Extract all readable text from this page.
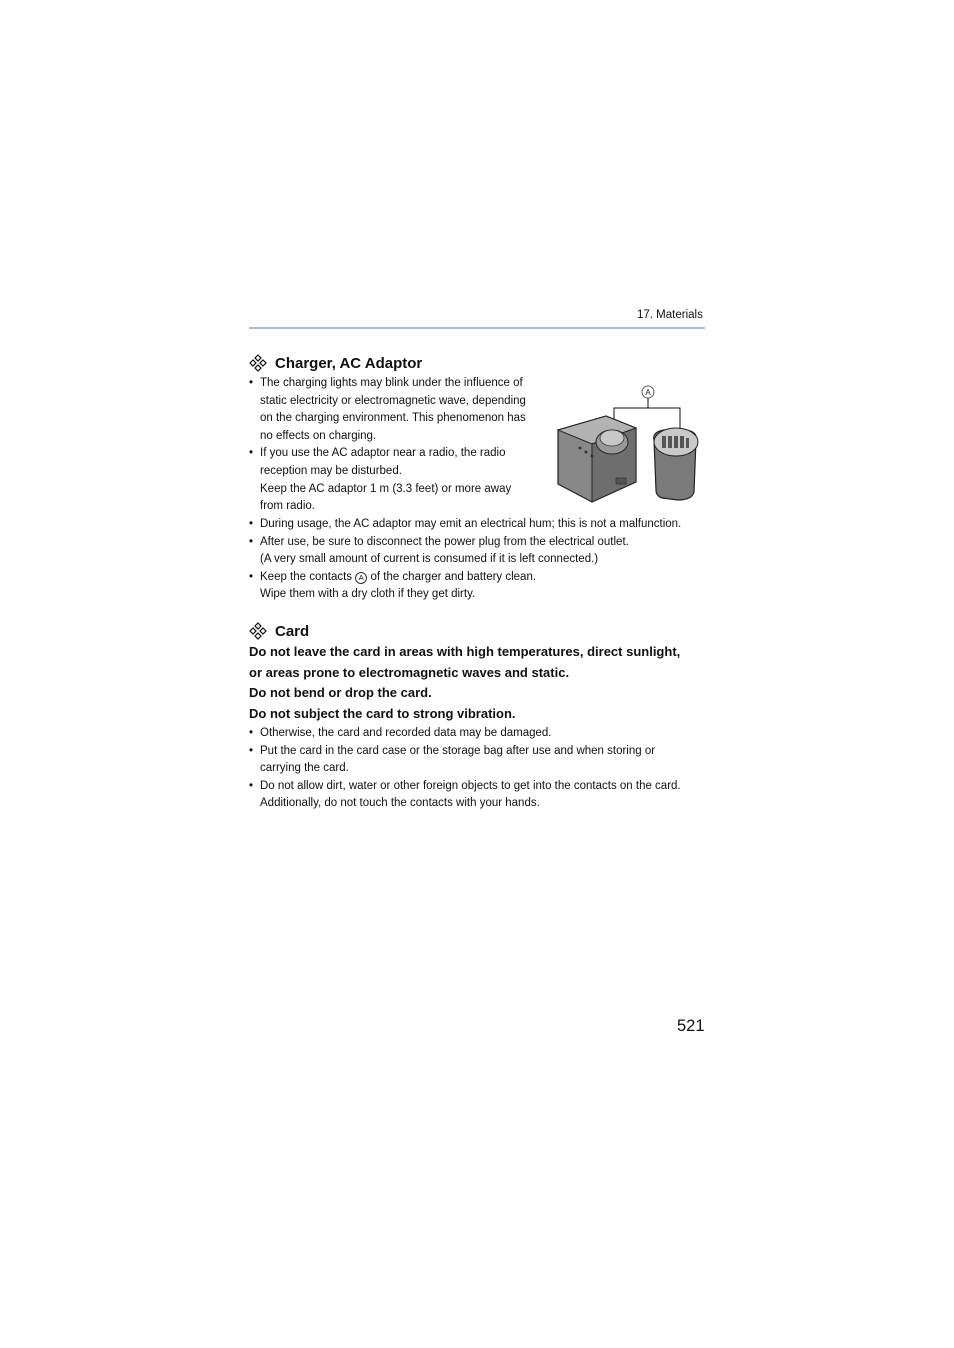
17. Materials
Charger, AC Adaptor
• The charging lights may blink under the influence of
static electricity or electromagnetic wave, depending
on the charging environment. This phenomenon has
no effects on charging.
• If you use the AC adaptor near a radio, the radio
reception may be disturbed.
Keep the AC adaptor 1 m (3.3 feet) or more away
from radio.
• During usage, the AC adaptor may emit an electrical hum; this is not a malfunction.
• After use, be sure to disconnect the power plug from the electrical outlet.
(A very small amount of current is consumed if it is left connected.)
• Keep the contacts A of the charger and battery clean.
Wipe them with a dry cloth if they get dirty.
A
Card
Do not leave the card in areas with high temperatures, direct sunlight,
or areas prone to electromagnetic waves and static.
Do not bend or drop the card.
Do not subject the card to strong vibration.
• Otherwise, the card and recorded data may be damaged.
• Put the card in the card case or the storage bag after use and when storing or
carrying the card.
• Do not allow dirt, water or other foreign objects to get into the contacts on the card.
Additionally, do not touch the contacts with your hands.
521
